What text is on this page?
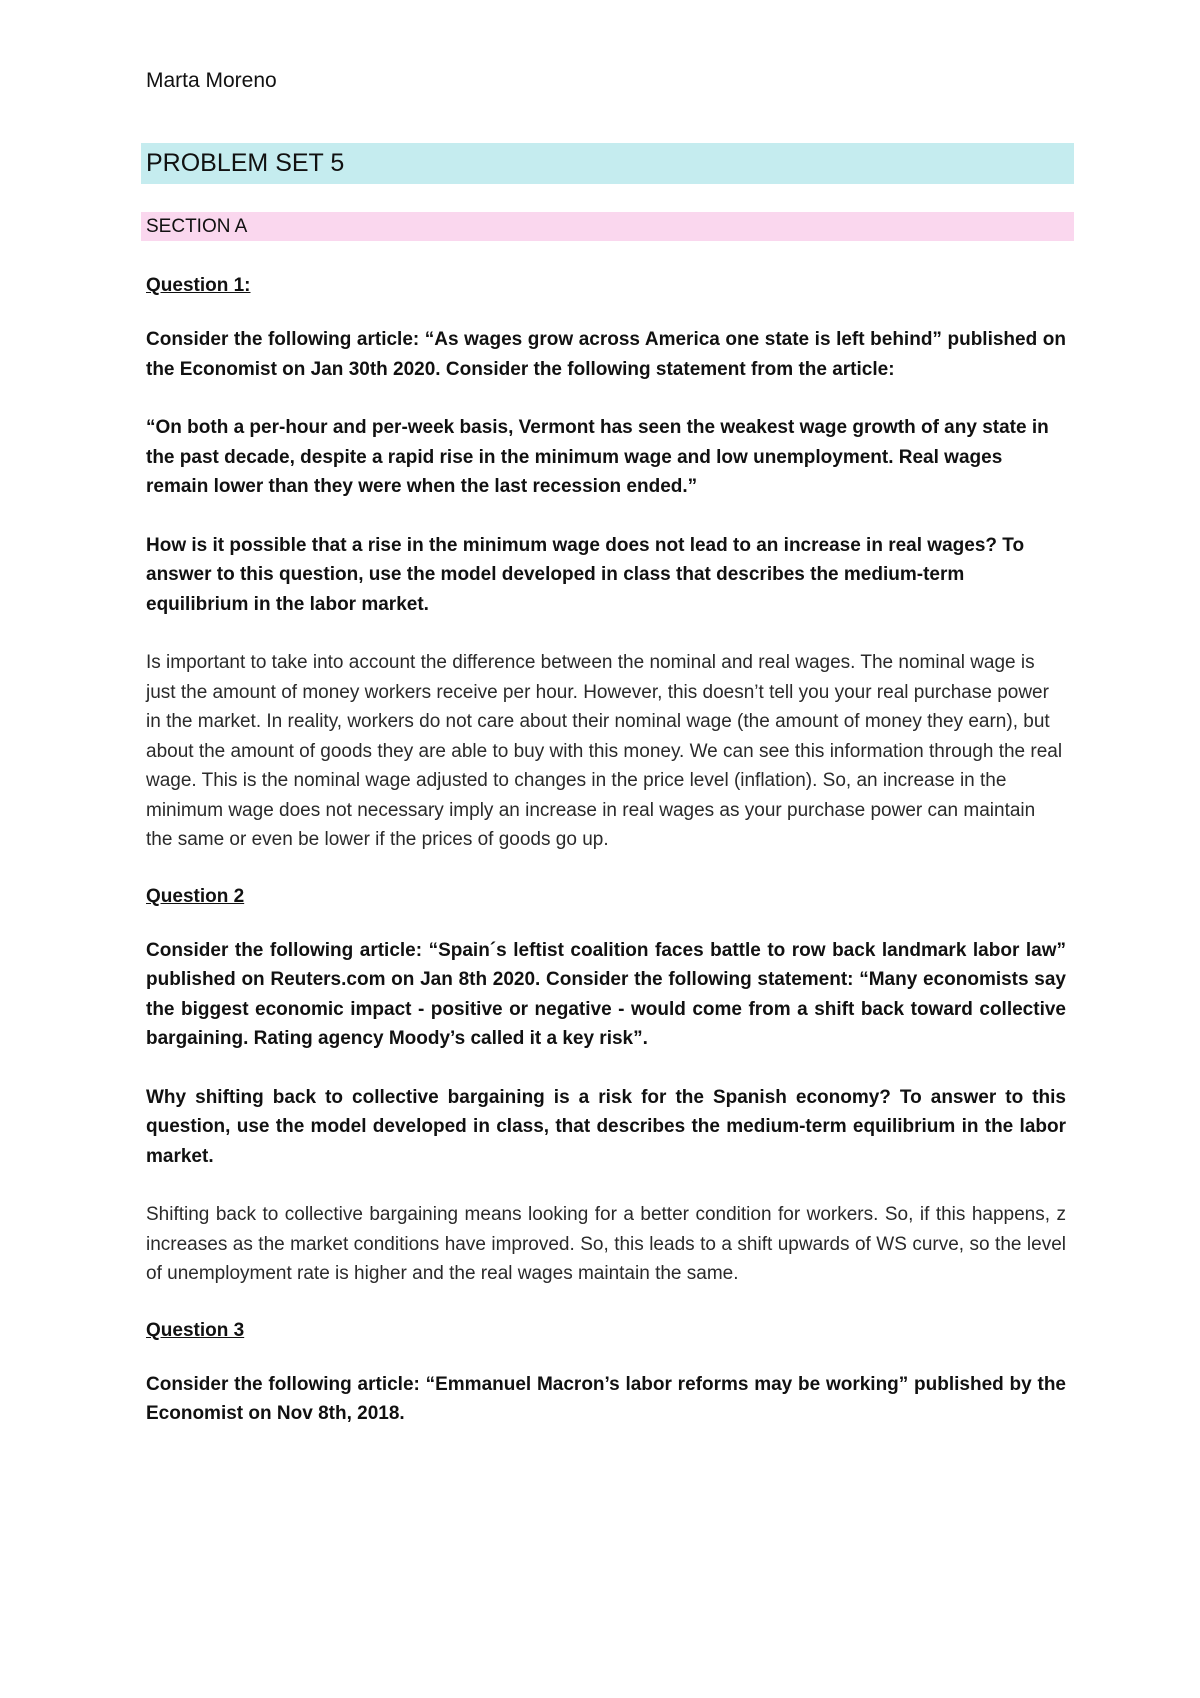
Marta Moreno
PROBLEM SET 5
SECTION A
Question 1:

Consider the following article: “As wages grow across America one state is left behind” published on the Economist on Jan 30th 2020. Consider the following statement from the article:

“On both a per-hour and per-week basis, Vermont has seen the weakest wage growth of any state in the past decade, despite a rapid rise in the minimum wage and low unemployment. Real wages remain lower than they were when the last recession ended.”

How is it possible that a rise in the minimum wage does not lead to an increase in real wages? To answer to this question, use the model developed in class that describes the medium-term equilibrium in the labor market.

Is important to take into account the difference between the nominal and real wages. The nominal wage is just the amount of money workers receive per hour. However, this doesn’t tell you your real purchase power in the market. In reality, workers do not care about their nominal wage (the amount of money they earn), but about the amount of goods they are able to buy with this money. We can see this information through the real wage. This is the nominal wage adjusted to changes in the price level (inflation). So, an increase in the minimum wage does not necessary imply an increase in real wages as your purchase power can maintain the same or even be lower if the prices of goods go up.

Question 2

Consider the following article: “Spain´s leftist coalition faces battle to row back landmark labor law” published on Reuters.com on Jan 8th 2020. Consider the following statement: “Many economists say the biggest economic impact - positive or negative - would come from a shift back toward collective bargaining. Rating agency Moody’s called it a key risk”.

Why shifting back to collective bargaining is a risk for the Spanish economy? To answer to this question, use the model developed in class, that describes the medium-term equilibrium in the labor market.

Shifting back to collective bargaining means looking for a better condition for workers. So, if this happens, z increases as the market conditions have improved. So, this leads to a shift upwards of WS curve, so the level of unemployment rate is higher and the real wages maintain the same.

Question 3

Consider the following article: “Emmanuel Macron’s labor reforms may be working” published by the Economist on Nov 8th, 2018.
